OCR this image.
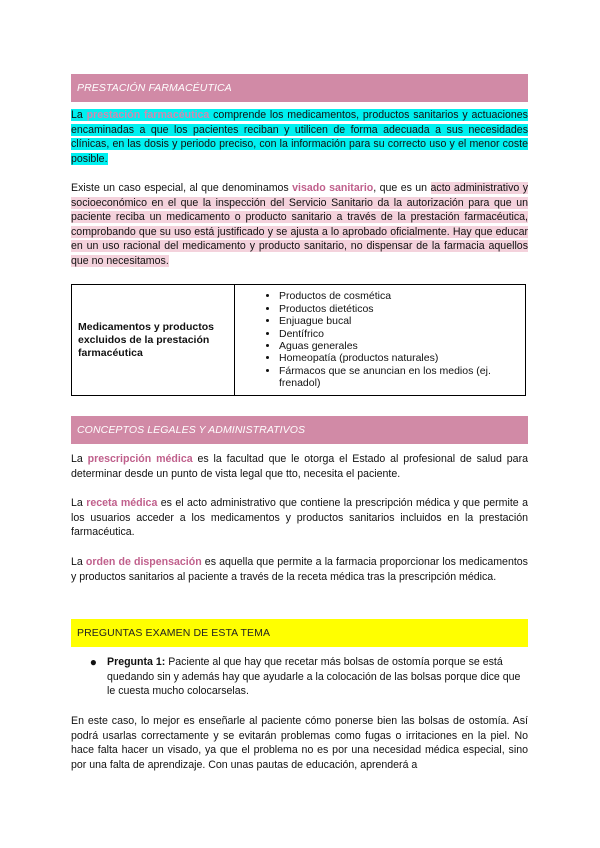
PRESTACIÓN FARMACÉUTICA

La prestación farmacéutica comprende los medicamentos, productos sanitarios y actuaciones encaminadas a que los pacientes reciban y utilicen de forma adecuada a sus necesidades clínicas, en las dosis y periodo preciso, con la información para su correcto uso y el menor coste posible.

Existe un caso especial, al que denominamos visado sanitario, que es un acto administrativo y socioeconómico en el que la inspección del Servicio Sanitario da la autorización para que un paciente reciba un medicamento o producto sanitario a través de la prestación farmacéutica, comprobando que su uso está justificado y se ajusta a lo aprobado oficialmente. Hay que educar en un uso racional del medicamento y producto sanitario, no dispensar de la farmacia aquellos que no necesitamos.

Medicamentos y productos excluidos de la prestación farmacéutica	
• Productos de cosmética
• Productos dietéticos
• Enjuague bucal
• Dentífrico
• Aguas generales
• Homeopatía (productos naturales)
• Fármacos que se anuncian en los medios (ej. frenadol)
CONCEPTOS LEGALES Y ADMINISTRATIVOS

La prescripción médica es la facultad que le otorga el Estado al profesional de salud para determinar desde un punto de vista legal que tto, necesita el paciente.

La receta médica es el acto administrativo que contiene la prescripción médica y que permite a los usuarios acceder a los medicamentos y productos sanitarios incluidos en la prestación farmacéutica.

La orden de dispensación es aquella que permite a la farmacia proporcionar los medicamentos y productos sanitarios al paciente a través de la receta médica tras la prescripción médica.

PREGUNTAS EXAMEN DE ESTA TEMA
● Pregunta 1: Paciente al que hay que recetar más bolsas de ostomía porque se está quedando sin y además hay que ayudarle a la colocación de las bolsas porque dice que le cuesta mucho colocarselas.

En este caso, lo mejor es enseñarle al paciente cómo ponerse bien las bolsas de ostomía. Así podrá usarlas correctamente y se evitarán problemas como fugas o irritaciones en la piel. No hace falta hacer un visado, ya que el problema no es por una necesidad médica especial, sino por una falta de aprendizaje. Con unas pautas de educación, aprenderá a
